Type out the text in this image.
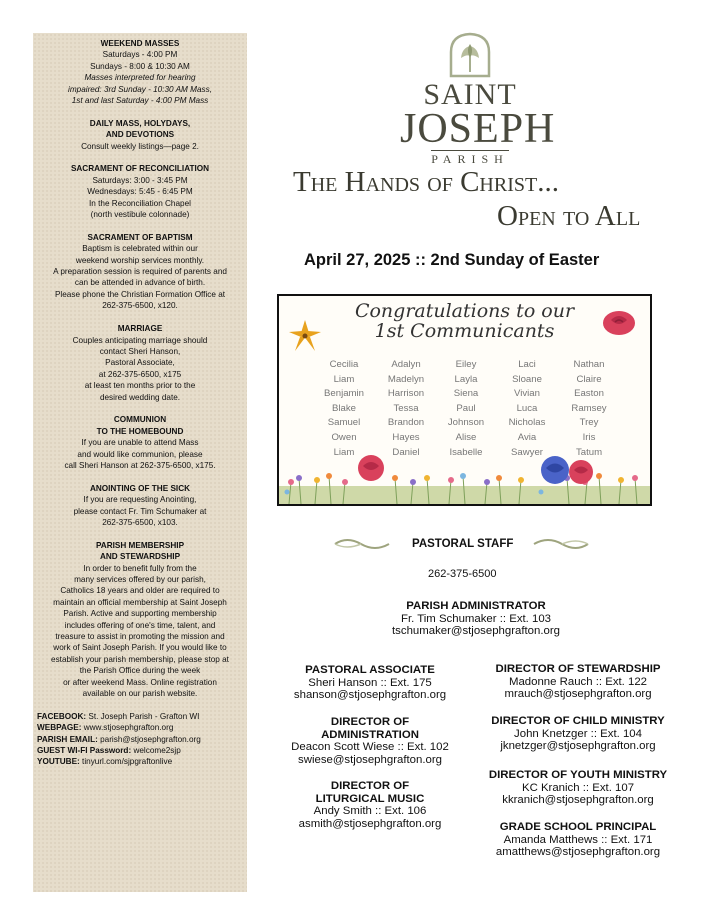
WEEKEND MASSES
Saturdays - 4:00 PM
Sundays - 8:00 & 10:30 AM
Masses interpreted for hearing
impaired: 3rd Sunday - 10:30 AM Mass,
1st and last Saturday - 4:00 PM Mass
DAILY MASS, HOLYDAYS,
AND DEVOTIONS
Consult weekly listings—page 2.
SACRAMENT OF RECONCILIATION
Saturdays: 3:00 - 3:45 PM
Wednesdays: 5:45 - 6:45 PM
In the Reconciliation Chapel
(north vestibule colonnade)
SACRAMENT OF BAPTISM
Baptism is celebrated within our
weekend worship services monthly.
A preparation session is required of parents and
can be attended in advance of birth.
Please phone the Christian Formation Office at
262-375-6500, x120.
MARRIAGE
Couples anticipating marriage should
contact Sheri Hanson,
Pastoral Associate,
at 262-375-6500, x175
at least ten months prior to the
desired wedding date.
COMMUNION
TO THE HOMEBOUND
If you are unable to attend Mass
and would like communion, please
call Sheri Hanson at 262-375-6500, x175.
ANOINTING OF THE SICK
If you are requesting Anointing,
please contact Fr. Tim Schumaker at
262-375-6500, x103.
PARISH MEMBERSHIP
AND STEWARDSHIP
In order to benefit fully from the
many services offered by our parish,
Catholics 18 years and older are required to
maintain an official membership at Saint Joseph
Parish. Active and supporting membership
includes offering of one's time, talent, and
treasure to assist in promoting the mission and
work of Saint Joseph Parish. If you would like to
establish your parish membership, please stop at
the Parish Office during the week
or after weekend Mass. Online registration
available on our parish website.
FACEBOOK: St. Joseph Parish - Grafton WI
WEBPAGE: www.stjosephgrafton.org
PARISH EMAIL: parish@stjosephgrafton.org
GUEST WI-FI Password: welcome2sjp
YOUTUBE: tinyurl.com/sjpgraftonlive
SAINT
JOSEPH
PARISH
The Hands of Christ...
Open to All
April 27, 2025 :: 2nd Sunday of Easter
Congratulations to our
1st Communicants
Cecilia
Liam
Benjamin
Blake
Samuel
Owen
Liam
Adalyn
Madelyn
Harrison
Tessa
Brandon
Hayes
Daniel
Eiley
Layla
Siena
Paul
Johnson
Alise
Isabelle
Laci
Sloane
Vivian
Luca
Nicholas
Avia
Sawyer
Nathan
Claire
Easton
Ramsey
Trey
Iris
Tatum
PASTORAL STAFF
262-375-6500
PARISH ADMINISTRATOR
Fr. Tim Schumaker :: Ext. 103
tschumaker@stjosephgrafton.org
PASTORAL ASSOCIATE
Sheri Hanson :: Ext. 175
shanson@stjosephgrafton.org
DIRECTOR OF
ADMINISTRATION
Deacon Scott Wiese :: Ext. 102
swiese@stjosephgrafton.org
DIRECTOR OF
LITURGICAL MUSIC
Andy Smith :: Ext. 106
asmith@stjosephgrafton.org
DIRECTOR OF STEWARDSHIP
Madonne Rauch :: Ext. 122
mrauch@stjosephgrafton.org
DIRECTOR OF CHILD MINISTRY
John Knetzger :: Ext. 104
jknetzger@stjosephgrafton.org
DIRECTOR OF YOUTH MINISTRY
KC Kranich :: Ext. 107
kkranich@stjosephgrafton.org
GRADE SCHOOL PRINCIPAL
Amanda Matthews :: Ext. 171
amatthews@stjosephgrafton.org
